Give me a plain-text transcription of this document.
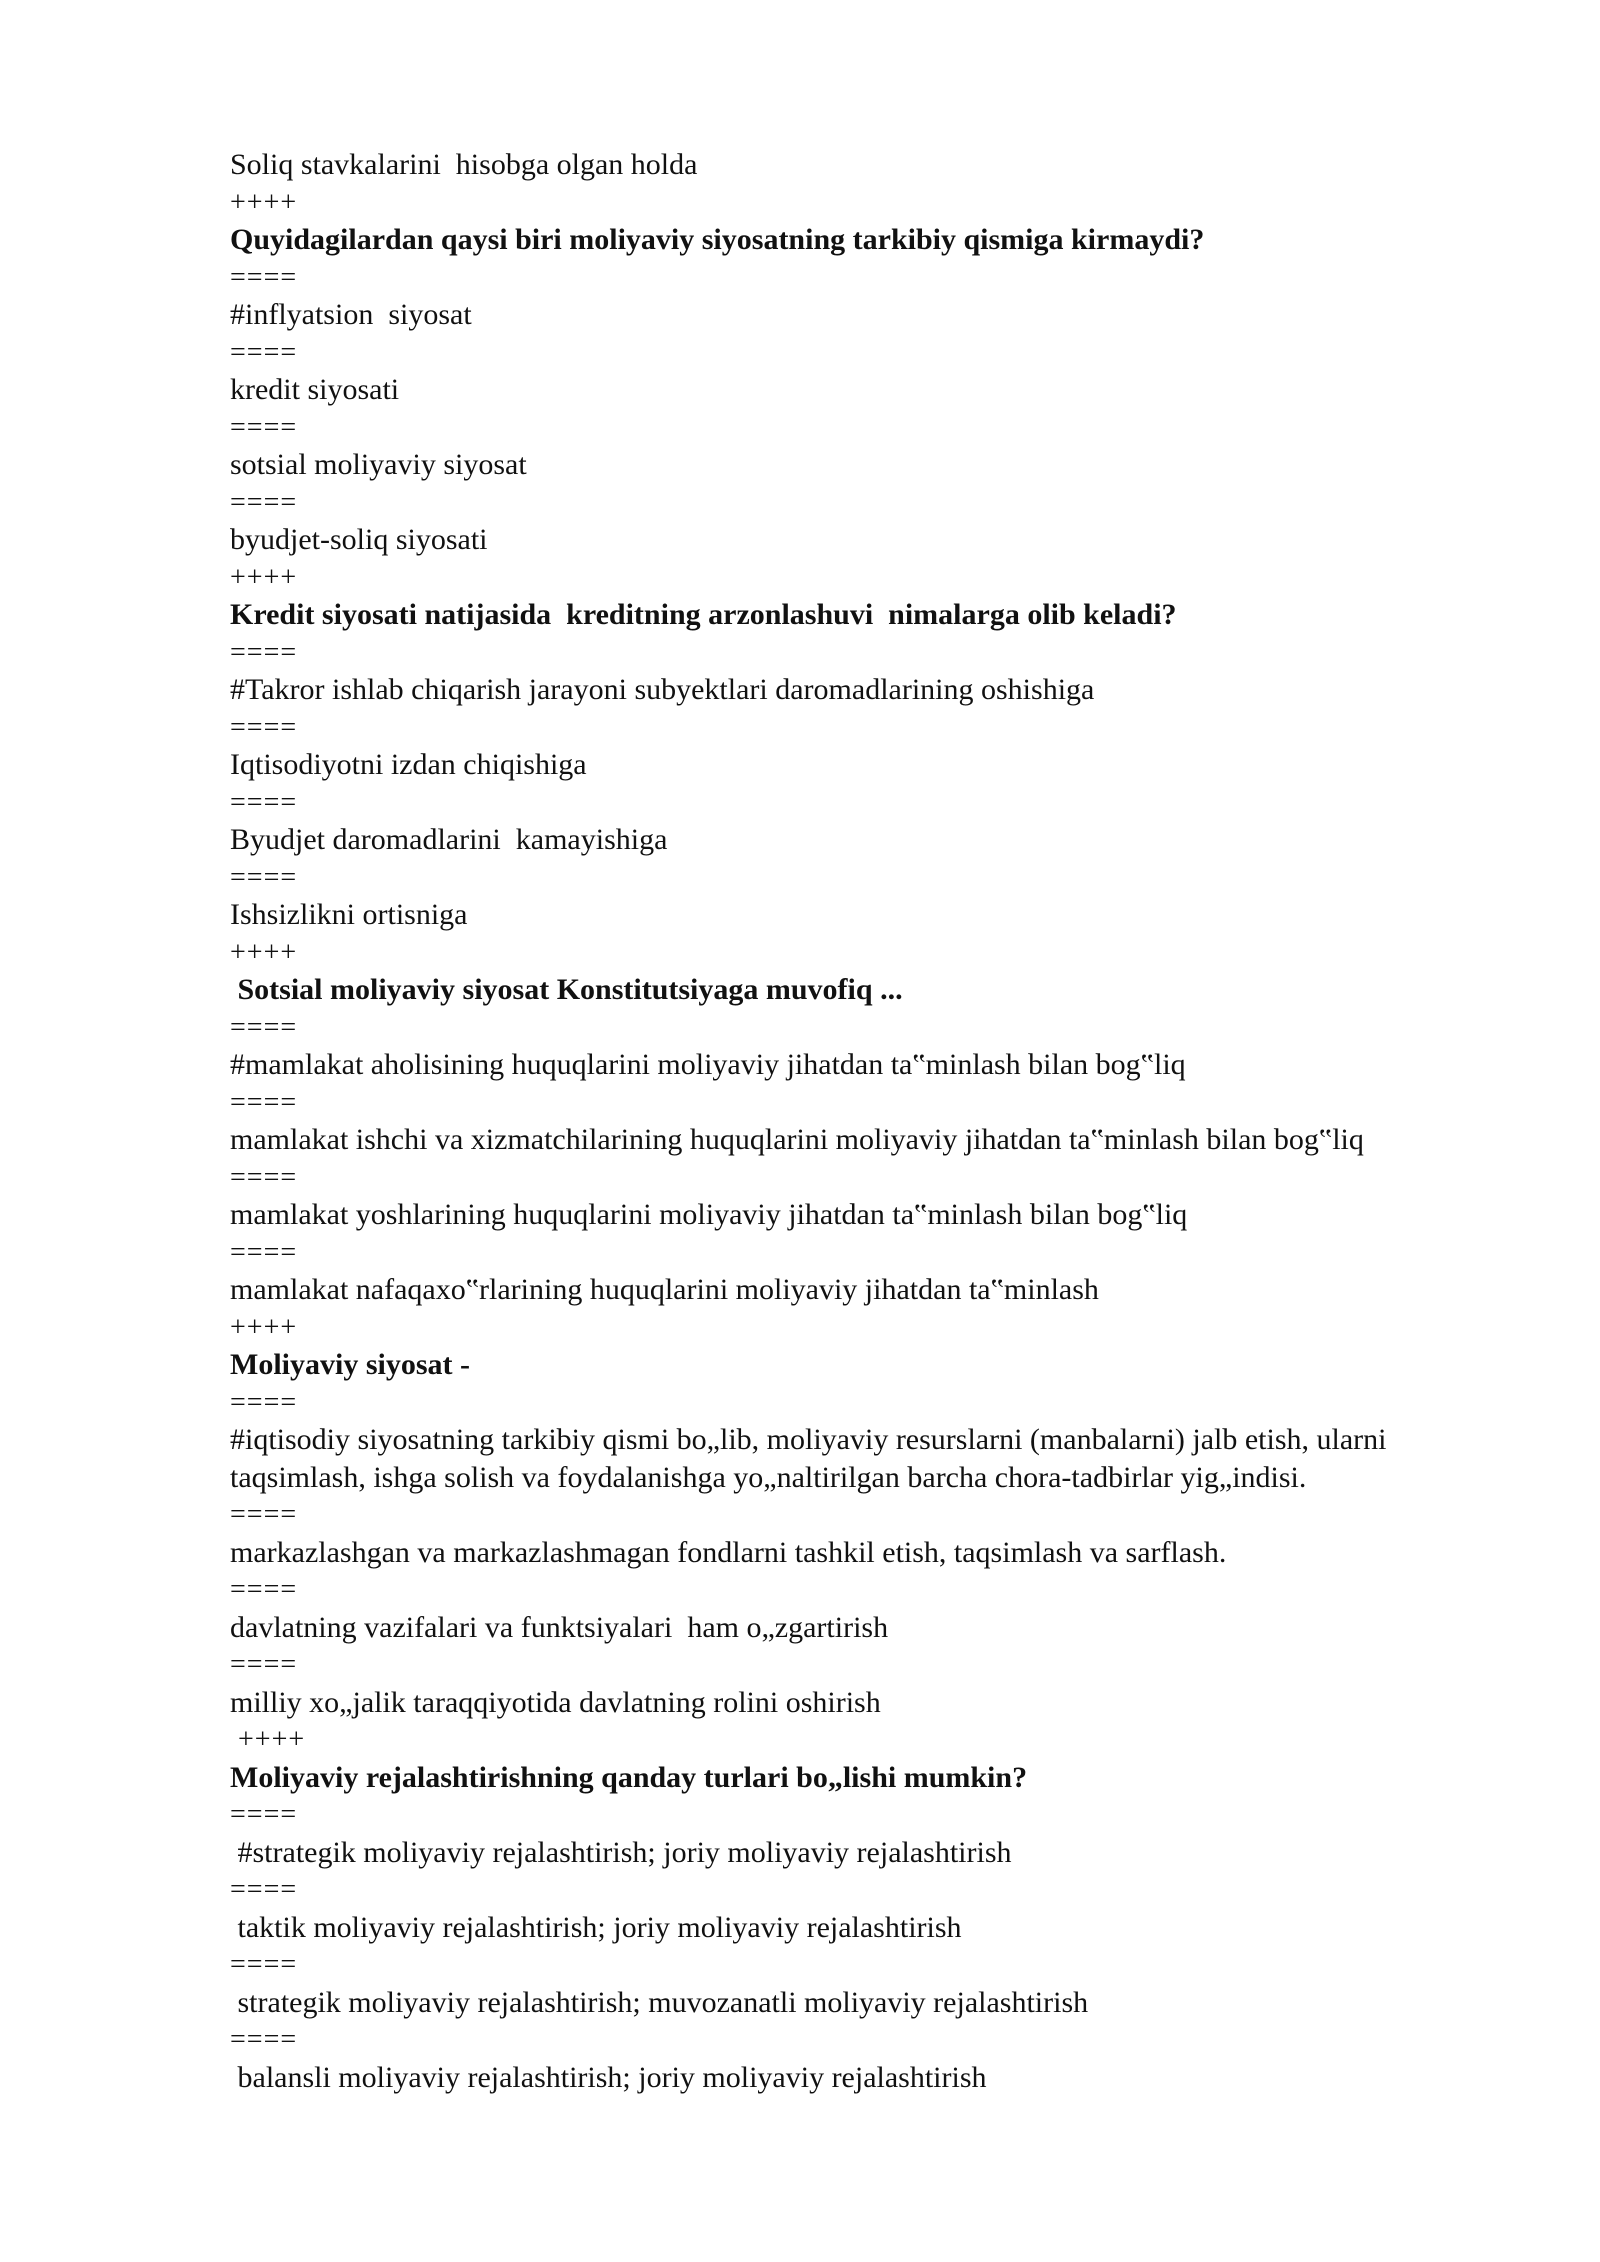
Soliq stavkalarini  hisobga olgan holda
++++
Quyidagilardan qaysi biri moliyaviy siyosatning tarkibiy qismiga kirmaydi?
====
#inflyatsion  siyosat
====
kredit siyosati
====
sotsial moliyaviy siyosat
====
byudjet-soliq siyosati
++++
Kredit siyosati natijasida  kreditning arzonlashuvi  nimalarga olib keladi?
====
#Takror ishlab chiqarish jarayoni subyektlari daromadlarining oshishiga
====
Iqtisodiyotni izdan chiqishiga
====
Byudjet daromadlarini  kamayishiga
====
Ishsizlikni ortisniga
++++
Sotsial moliyaviy siyosat Konstitutsiyaga muvofiq ...
====
#mamlakat aholisining huquqlarini moliyaviy jihatdan ta‟minlash bilan bog‟liq
====
mamlakat ishchi va xizmatchilarining huquqlarini moliyaviy jihatdan ta‟minlash bilan bog‟liq
====
mamlakat yoshlarining huquqlarini moliyaviy jihatdan ta‟minlash bilan bog‟liq
====
mamlakat nafaqaxo‟rlarining huquqlarini moliyaviy jihatdan ta‟minlash
++++
Moliyaviy siyosat -
====
#iqtisodiy siyosatning tarkibiy qismi bo„lib, moliyaviy resurslarni (manbalarni) jalb etish, ularni
taqsimlash, ishga solish va foydalanishga yo„naltirilgan barcha chora-tadbirlar yig„indisi.
====
markazlashgan va markazlashmagan fondlarni tashkil etish, taqsimlash va sarflash.
====
davlatning vazifalari va funktsiyalari  ham o„zgartirish
====
milliy xo„jalik taraqqiyotida davlatning rolini oshirish
++++
Moliyaviy rejalashtirishning qanday turlari bo„lishi mumkin?
====
#strategik moliyaviy rejalashtirish; joriy moliyaviy rejalashtirish
====
taktik moliyaviy rejalashtirish; joriy moliyaviy rejalashtirish
====
strategik moliyaviy rejalashtirish; muvozanatli moliyaviy rejalashtirish
====
balansli moliyaviy rejalashtirish; joriy moliyaviy rejalashtirish
